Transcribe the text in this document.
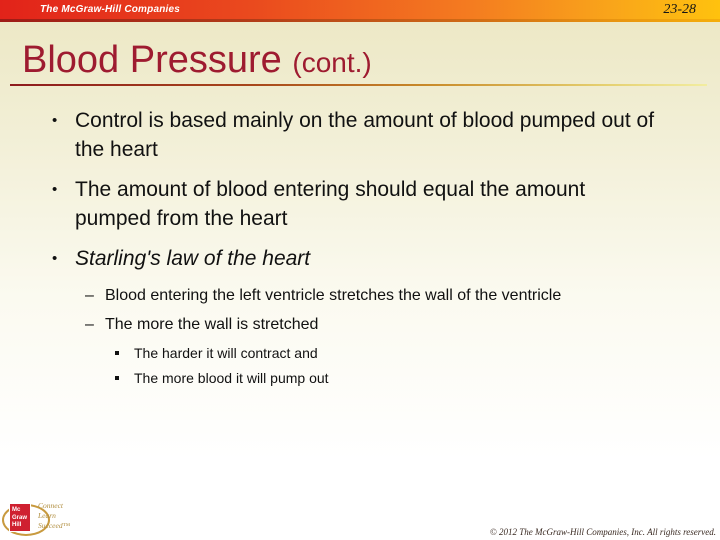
The McGraw-Hill Companies	23-28
Blood Pressure (cont.)
• Control is based mainly on the amount of blood pumped out of the heart
• The amount of blood entering should equal the amount pumped from the heart
• Starling's law of the heart
– Blood entering the left ventricle stretches the wall of the ventricle
– The more the wall is stretched
The harder it will contract and
The more blood it will pump out
Mc
Graw
Hill
Connect
Learn
Succeed™
© 2012 The McGraw-Hill Companies, Inc. All rights reserved.
